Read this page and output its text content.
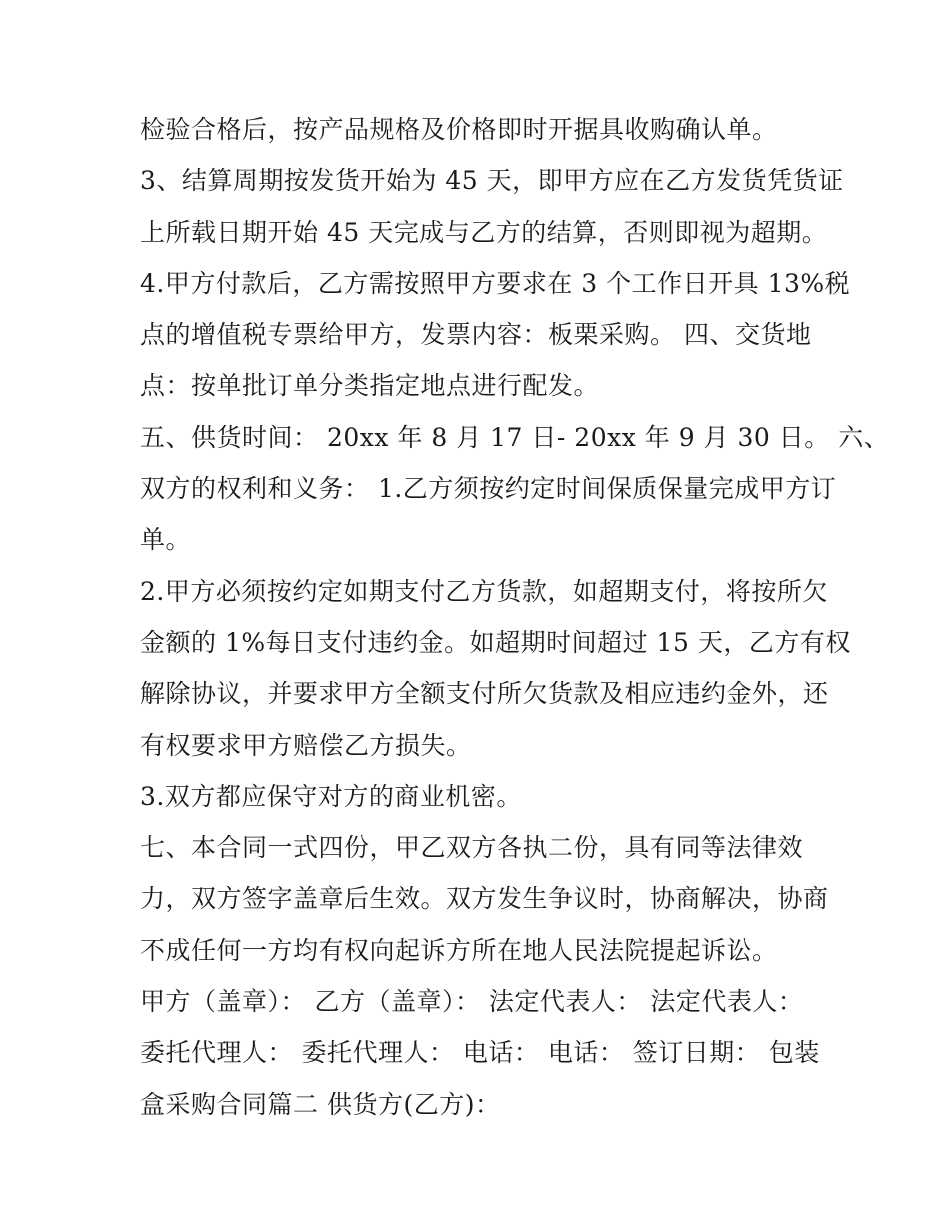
检验合格后，按产品规格及价格即时开据具收购确认单。
3、结算周期按发货开始为 45 天，即甲方应在乙方发货凭货证
上所载日期开始 45 天完成与乙方的结算，否则即视为超期。
4.甲方付款后，乙方需按照甲方要求在 3 个工作日开具 13%税
点的增值税专票给甲方，发票内容：板栗采购。 四、交货地
点：按单批订单分类指定地点进行配发。
五、供货时间： 20xx 年 8 月 17 日- 20xx 年 9 月 30 日。 六、
双方的权利和义务： 1.乙方须按约定时间保质保量完成甲方订
单。
2.甲方必须按约定如期支付乙方货款，如超期支付，将按所欠
金额的 1%每日支付违约金。如超期时间超过 15 天，乙方有权
解除协议，并要求甲方全额支付所欠货款及相应违约金外，还
有权要求甲方赔偿乙方损失。
3.双方都应保守对方的商业机密。
七、本合同一式四份，甲乙双方各执二份，具有同等法律效
力，双方签字盖章后生效。双方发生争议时，协商解决，协商
不成任何一方均有权向起诉方所在地人民法院提起诉讼。
甲方（盖章）： 乙方（盖章）： 法定代表人： 法定代表人：
委托代理人： 委托代理人： 电话： 电话： 签订日期： 包装
盒采购合同篇二 供货方(乙方)：
